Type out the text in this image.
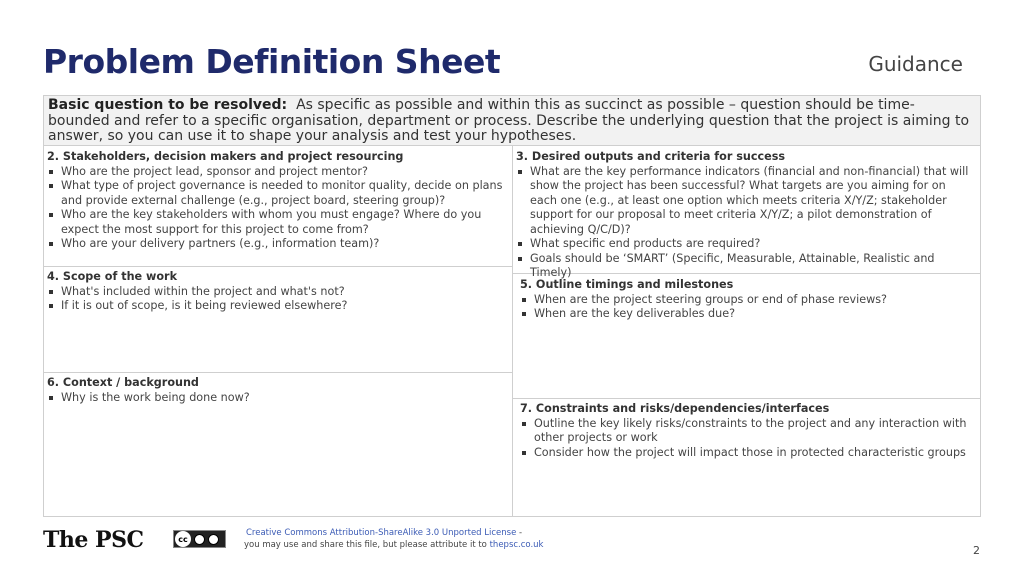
Problem Definition Sheet	Guidance
Basic question to be resolved: As specific as possible and within this as succinct as possible – question should be time-bounded and refer to a specific organisation, department or process. Describe the underlying question that the project is aiming to answer, so you can use it to shape your analysis and test your hypotheses.
2. Stakeholders, decision makers and project resourcing
Who are the project lead, sponsor and project mentor?
What type of project governance is needed to monitor quality, decide on plans and provide external challenge (e.g., project board, steering group)?
Who are the key stakeholders with whom you must engage? Where do you expect the most support for this project to come from?
Who are your delivery partners (e.g., information team)?
3. Desired outputs and criteria for success
What are the key performance indicators (financial and non-financial) that will show the project has been successful? What targets are you aiming for on each one (e.g., at least one option which meets criteria X/Y/Z; stakeholder support for our proposal to meet criteria X/Y/Z; a pilot demonstration of achieving Q/C/D)?
What specific end products are required?
Goals should be ‘SMART’ (Specific, Measurable, Attainable, Realistic and Timely)
4. Scope of the work
What's included within the project and what's not?
If it is out of scope, is it being reviewed elsewhere?
5. Outline timings and milestones
When are the project steering groups or end of phase reviews?
When are the key deliverables due?
6. Context / background
Why is the work being done now?
7. Constraints and risks/dependencies/interfaces
Outline the key likely risks/constraints to the project and any interaction with other projects or work
Consider how the project will impact those in protected characteristic groups
The PSC	cc
Creative Commons Attribution-ShareAlike 3.0 Unported License -
you may use and share this file, but please attribute it to thepsc.co.uk	2
